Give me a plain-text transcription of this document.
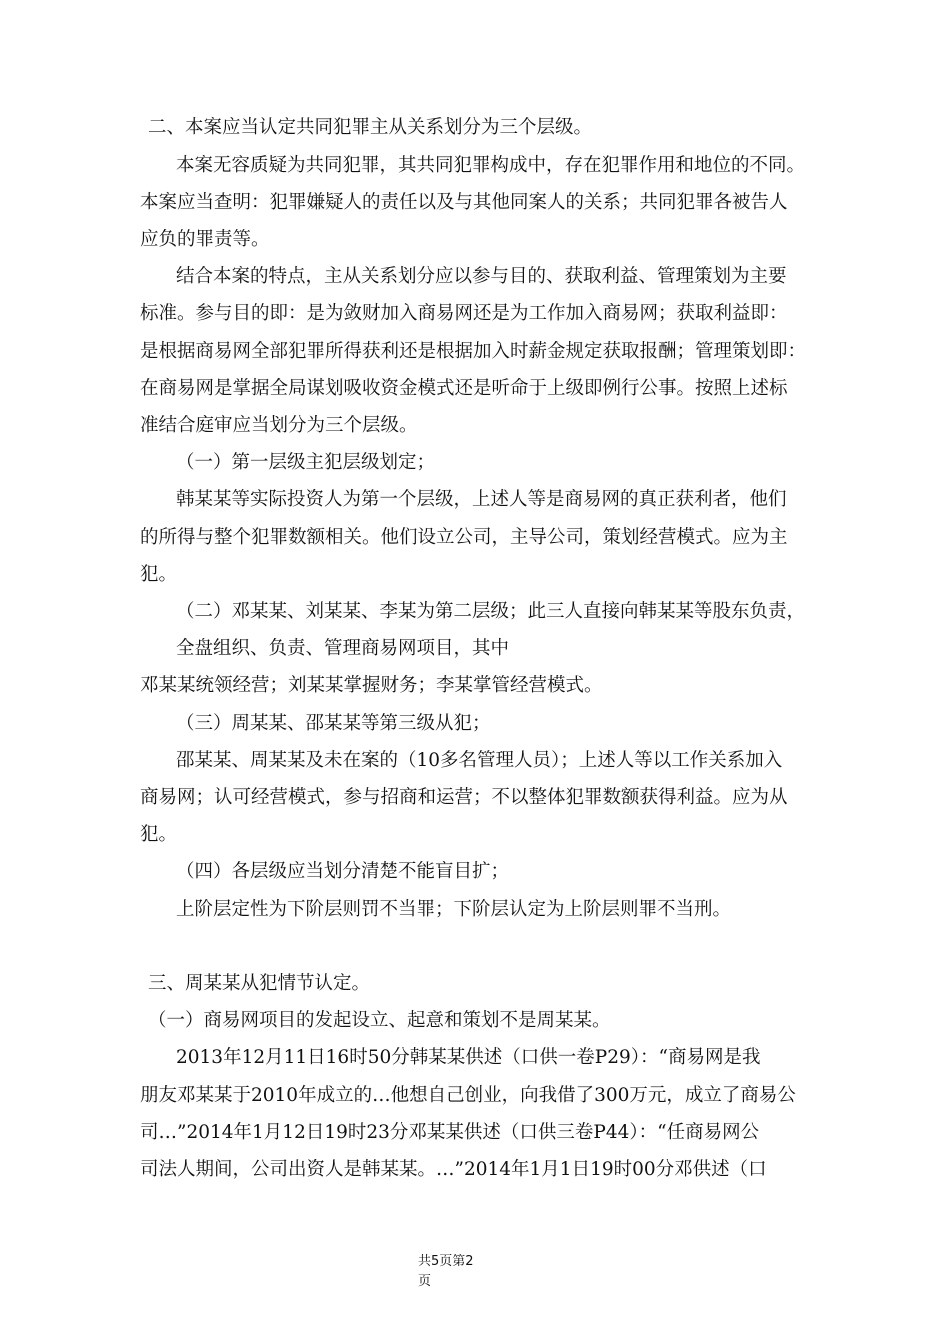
二、本案应当认定共同犯罪主从关系划分为三个层级。
本案无容质疑为共同犯罪，其共同犯罪构成中，存在犯罪作用和地位的不同。
本案应当查明：犯罪嫌疑人的责任以及与其他同案人的关系；共同犯罪各被告人
应负的罪责等。
结合本案的特点，主从关系划分应以参与目的、获取利益、管理策划为主要
标准。参与目的即：是为敛财加入商易网还是为工作加入商易网；获取利益即：
是根据商易网全部犯罪所得获利还是根据加入时薪金规定获取报酬；管理策划即：
在商易网是掌据全局谋划吸收资金模式还是听命于上级即例行公事。按照上述标
准结合庭审应当划分为三个层级。
（一）第一层级主犯层级划定；
韩某某等实际投资人为第一个层级，上述人等是商易网的真正获利者，他们
的所得与整个犯罪数额相关。他们设立公司，主导公司，策划经营模式。应为主
犯。
（二）邓某某、刘某某、李某为第二层级；此三人直接向韩某某等股东负责，
全盘组织、负责、管理商易网项目，其中
邓某某统领经营；刘某某掌握财务；李某掌管经营模式。
（三）周某某、邵某某等第三级从犯；
邵某某、周某某及未在案的（10多名管理人员）；上述人等以工作关系加入
商易网；认可经营模式，参与招商和运营；不以整体犯罪数额获得利益。应为从
犯。
（四）各层级应当划分清楚不能盲目扩；
上阶层定性为下阶层则罚不当罪；下阶层认定为上阶层则罪不当刑。
三、周某某从犯情节认定。
（一）商易网项目的发起设立、起意和策划不是周某某。
2013年12月11日16时50分韩某某供述（口供一卷P29）：“商易网是我
朋友邓某某于2010年成立的…他想自己创业，向我借了300万元，成立了商易公
司…”2014年1月12日19时23分邓某某供述（口供三卷P44）：“任商易网公
司法人期间，公司出资人是韩某某。…”2014年1月1日19时00分邓供述（口
共5页第2
页
